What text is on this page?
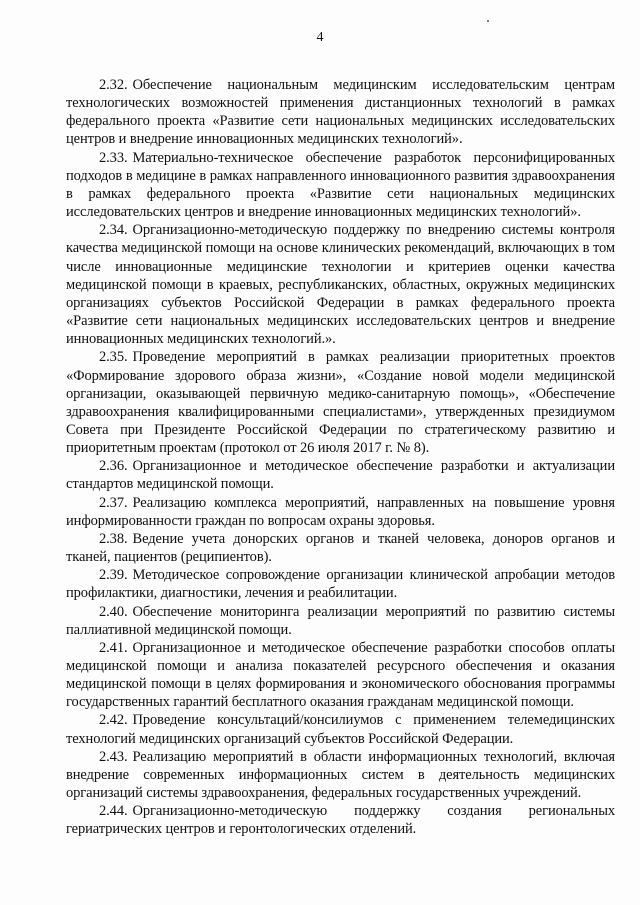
4

2.32. Обеспечение национальным медицинским исследовательским центрам технологических возможностей применения дистанционных технологий в рамках федерального проекта «Развитие сети национальных медицинских исследовательских центров и внедрение инновационных медицинских технологий».

2.33. Материально-техническое обеспечение разработок персонифицированных подходов в медицине в рамках направленного инновационного развития здравоохранения в рамках федерального проекта «Развитие сети национальных медицинских исследовательских центров и внедрение инновационных медицинских технологий».

2.34. Организационно-методическую поддержку по внедрению системы контроля качества медицинской помощи на основе клинических рекомендаций, включающих в том числе инновационные медицинские технологии и критериев оценки качества медицинской помощи в краевых, республиканских, областных, окружных медицинских организациях субъектов Российской Федерации в рамках федерального проекта «Развитие сети национальных медицинских исследовательских центров и внедрение инновационных медицинских технологий.».

2.35. Проведение мероприятий в рамках реализации приоритетных проектов «Формирование здорового образа жизни», «Создание новой модели медицинской организации, оказывающей первичную медико-санитарную помощь», «Обеспечение здравоохранения квалифицированными специалистами», утвержденных президиумом Совета при Президенте Российской Федерации по стратегическому развитию и приоритетным проектам (протокол от 26 июля 2017 г. № 8).

2.36. Организационное и методическое обеспечение разработки и актуализации стандартов медицинской помощи.

2.37. Реализацию комплекса мероприятий, направленных на повышение уровня информированности граждан по вопросам охраны здоровья.

2.38. Ведение учета донорских органов и тканей человека, доноров органов и тканей, пациентов (реципиентов).

2.39. Методическое сопровождение организации клинической апробации методов профилактики, диагностики, лечения и реабилитации.

2.40. Обеспечение мониторинга реализации мероприятий по развитию системы паллиативной медицинской помощи.

2.41. Организационное и методическое обеспечение разработки способов оплаты медицинской помощи и анализа показателей ресурсного обеспечения и оказания медицинской помощи в целях формирования и экономического обоснования программы государственных гарантий бесплатного оказания гражданам медицинской помощи.

2.42. Проведение консультаций/консилиумов с применением телемедицинских технологий медицинских организаций субъектов Российской Федерации.

2.43. Реализацию мероприятий в области информационных технологий, включая внедрение современных информационных систем в деятельность медицинских организаций системы здравоохранения, федеральных государственных учреждений.

2.44. Организационно-методическую поддержку создания региональных гериатрических центров и геронтологических отделений.
